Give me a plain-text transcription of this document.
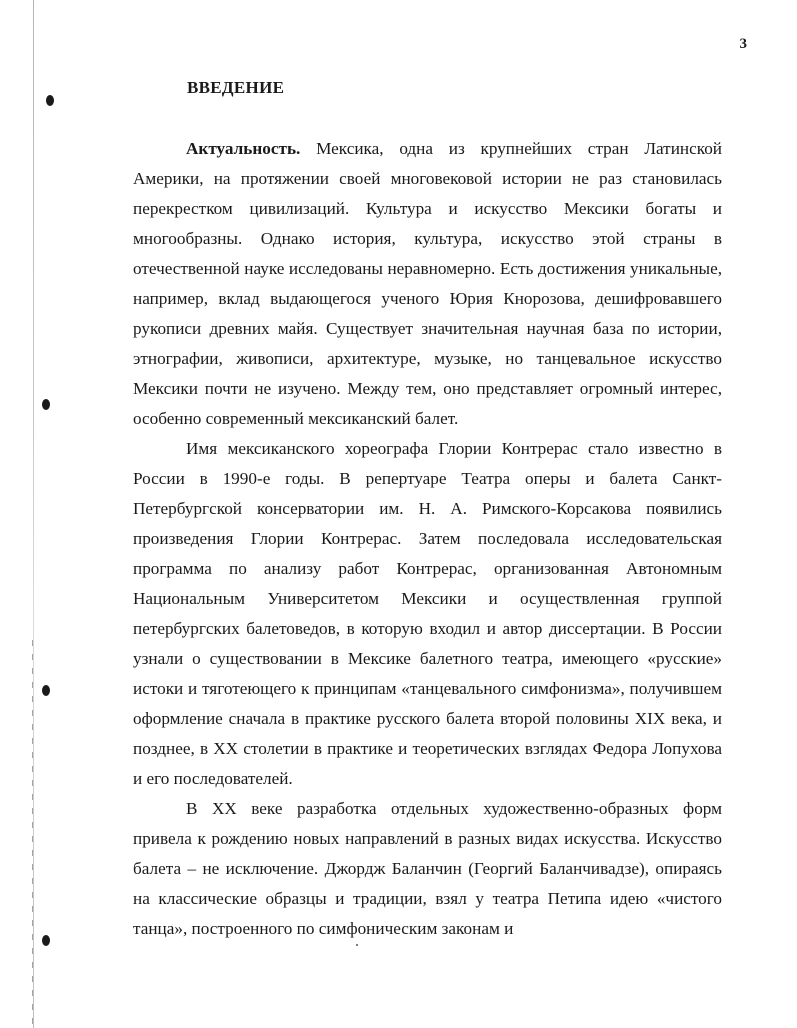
3
ВВЕДЕНИЕ

Актуальность. Мексика, одна из крупнейших стран Латинской Америки, на протяжении своей многовековой истории не раз становилась перекрестком цивилизаций. Культура и искусство Мексики богаты и многообразны. Однако история, культура, искусство этой страны в отечественной науке исследованы неравномерно. Есть достижения уникальные, например, вклад выдающегося ученого Юрия Кнорозова, дешифровавшего рукописи древних майя. Существует значительная научная база по истории, этнографии, живописи, архитектуре, музыке, но танцевальное искусство Мексики почти не изучено. Между тем, оно представляет огромный интерес, особенно современный мексиканский балет.

Имя мексиканского хореографа Глории Контрерас стало известно в России в 1990-е годы. В репертуаре Театра оперы и балета Санкт-Петербургской консерватории им. Н. А. Римского-Корсакова появились произведения Глории Контрерас. Затем последовала исследовательская программа по анализу работ Контрерас, организованная Автономным Национальным Университетом Мексики и осуществленная группой петербургских балетоведов, в которую входил и автор диссертации. В России узнали о существовании в Мексике балетного театра, имеющего «русские» истоки и тяготеющего к принципам «танцевального симфонизма», получившем оформление сначала в практике русского балета второй половины XIX века, и позднее, в XX столетии в практике и теоретических взглядах Федора Лопухова и его последователей.

В XX веке разработка отдельных художественно-образных форм привела к рождению новых направлений в разных видах искусства. Искусство балета – не исключение. Джордж Баланчин (Георгий Баланчивадзе), опираясь на классические образцы и традиции, взял у театра Петипа идею «чистого танца», построенного по симфоническим законам и
